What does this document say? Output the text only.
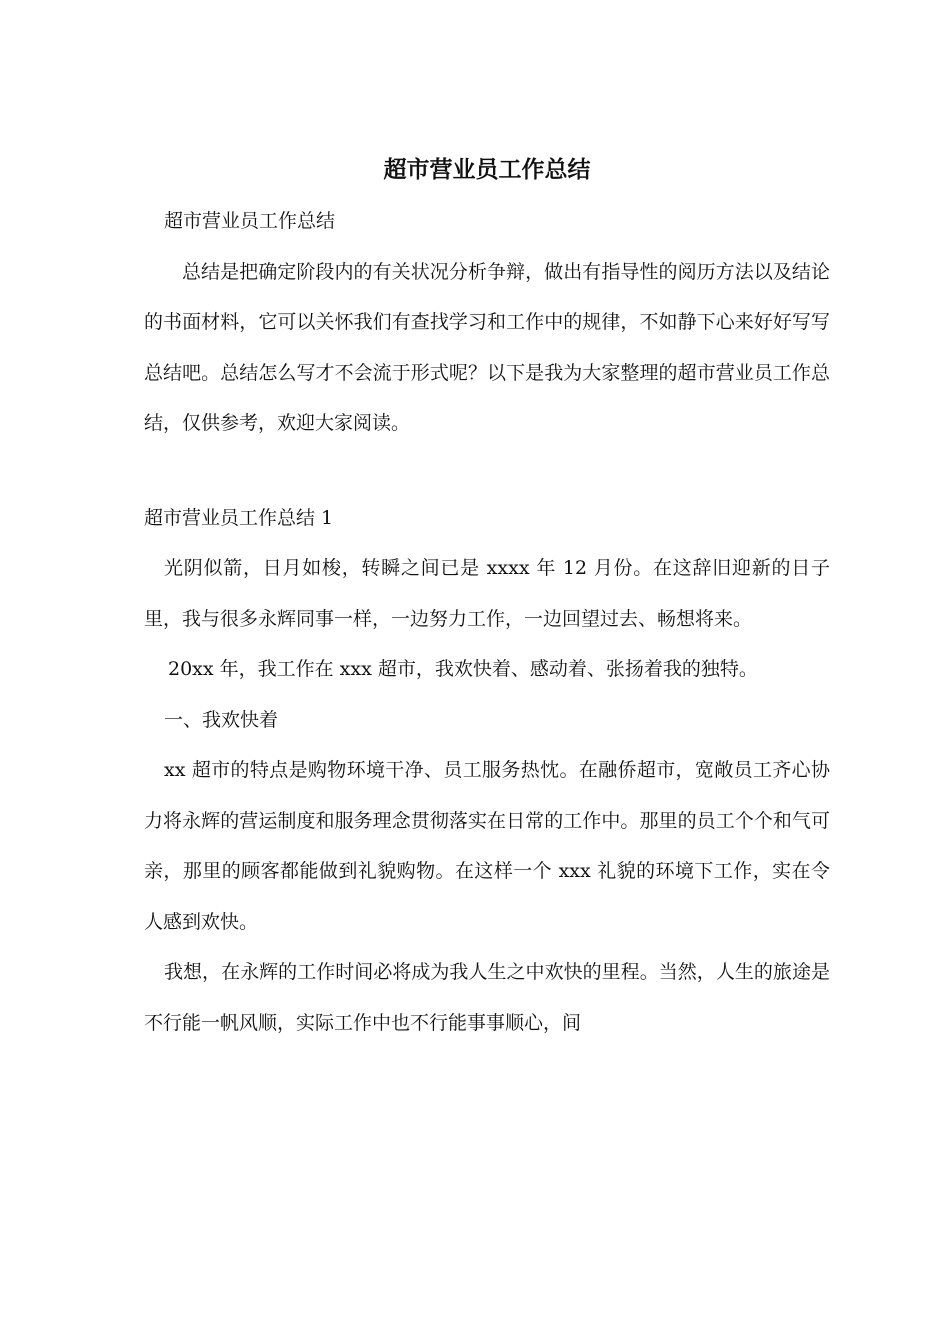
超市营业员工作总结

超市营业员工作总结

总结是把确定阶段内的有关状况分析争辩，做出有指导性的阅历方法以及结论的书面材料，它可以关怀我们有查找学习和工作中的规律，不如静下心来好好写写总结吧。总结怎么写才不会流于形式呢？以下是我为大家整理的超市营业员工作总结，仅供参考，欢迎大家阅读。

超市营业员工作总结 1

光阴似箭，日月如梭，转瞬之间已是 xxxx 年 12 月份。在这辞旧迎新的日子里，我与很多永辉同事一样，一边努力工作，一边回望过去、畅想将来。

20xx 年，我工作在 xxx 超市，我欢快着、感动着、张扬着我的独特。

一、我欢快着

xx 超市的特点是购物环境干净、员工服务热忱。在融侨超市，宽敞员工齐心协力将永辉的营运制度和服务理念贯彻落实在日常的工作中。那里的员工个个和气可亲，那里的顾客都能做到礼貌购物。在这样一个 xxx 礼貌的环境下工作，实在令人感到欢快。

我想，在永辉的工作时间必将成为我人生之中欢快的里程。当然，人生的旅途是不行能一帆风顺，实际工作中也不行能事事顺心，间
